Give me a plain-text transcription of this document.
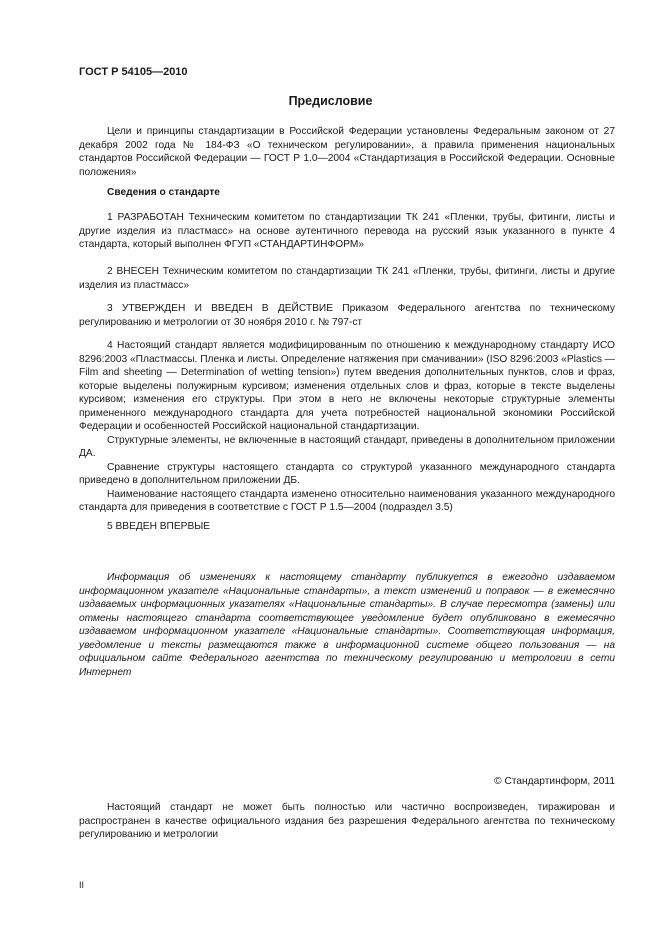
ГОСТ Р 54105—2010
Предисловие
Цели и принципы стандартизации в Российской Федерации установлены Федеральным законом от 27 декабря 2002 года № 184-ФЗ «О техническом регулировании», а правила применения национальных стандартов Российской Федерации — ГОСТ Р 1.0—2004 «Стандартизация в Российской Федерации. Основные положения»
Сведения о стандарте
1 РАЗРАБОТАН Техническим комитетом по стандартизации ТК 241 «Пленки, трубы, фитинги, листы и другие изделия из пластмасс» на основе аутентичного перевода на русский язык указанного в пункте 4 стандарта, который выполнен ФГУП «СТАНДАРТИНФОРМ»
2 ВНЕСЕН Техническим комитетом по стандартизации ТК 241 «Пленки, трубы, фитинги, листы и другие изделия из пластмасс»
3 УТВЕРЖДЕН И ВВЕДЕН В ДЕЙСТВИЕ Приказом Федерального агентства по техническому регулированию и метрологии от 30 ноября 2010 г. № 797-ст
4 Настоящий стандарт является модифицированным по отношению к международному стандарту ИСО 8296:2003 «Пластмассы. Пленка и листы. Определение натяжения при смачивании» (ISO 8296:2003 «Plastics — Film and sheeting — Determination of wetting tension») путем введения дополнительных пунктов, слов и фраз, которые выделены полужирным курсивом; изменения отдельных слов и фраз, которые в тексте выделены курсивом; изменения его структуры. При этом в него не включены некоторые структурные элементы примененного международного стандарта для учета потребностей национальной экономики Российской Федерации и особенностей Российской национальной стандартизации.
Структурные элементы, не включенные в настоящий стандарт, приведены в дополнительном приложении ДА.
Сравнение структуры настоящего стандарта со структурой указанного международного стандарта приведено в дополнительном приложении ДБ.
Наименование настоящего стандарта изменено относительно наименования указанного международного стандарта для приведения в соответствие с ГОСТ Р 1.5—2004 (подраздел 3.5)
5 ВВЕДЕН ВПЕРВЫЕ
Информация об изменениях к настоящему стандарту публикуется в ежегодно издаваемом информационном указателе «Национальные стандарты», а текст изменений и поправок — в ежемесячно издаваемых информационных указателях «Национальные стандарты». В случае пересмотра (замены) или отмены настоящего стандарта соответствующее уведомление будет опубликовано в ежемесячно издаваемом информационном указателе «Национальные стандарты». Соответствующая информация, уведомление и тексты размещаются также в информационной системе общего пользования — на официальном сайте Федерального агентства по техническому регулированию и метрологии в сети Интернет
© Стандартинформ, 2011
Настоящий стандарт не может быть полностью или частично воспроизведен, тиражирован и распространен в качестве официального издания без разрешения Федерального агентства по техническому регулированию и метрологии
II
